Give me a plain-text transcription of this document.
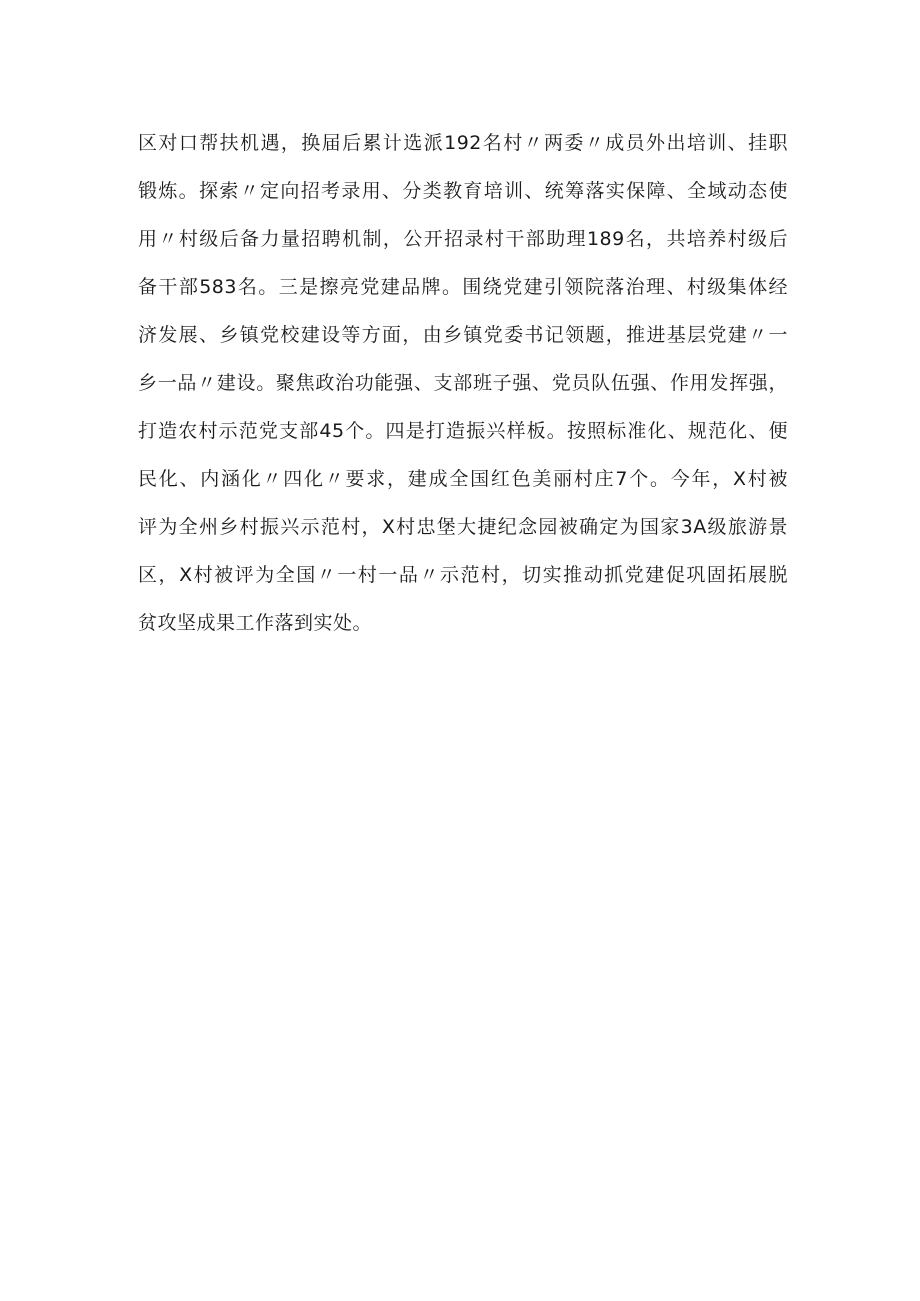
区对口帮扶机遇，换届后累计选派192名村〃两委〃成员外出培训、挂职
锻炼。探索〃定向招考录用、分类教育培训、统筹落实保障、全域动态使
用〃村级后备力量招聘机制，公开招录村干部助理189名，共培养村级后
备干部583名。三是擦亮党建品牌。围绕党建引领院落治理、村级集体经
济发展、乡镇党校建设等方面，由乡镇党委书记领题，推进基层党建〃一
乡一品〃建设。聚焦政治功能强、支部班子强、党员队伍强、作用发挥强，
打造农村示范党支部45个。四是打造振兴样板。按照标准化、规范化、便
民化、内涵化〃四化〃要求，建成全国红色美丽村庄7个。今年，X村被
评为全州乡村振兴示范村，X村忠堡大捷纪念园被确定为国家3A级旅游景
区，X村被评为全国〃一村一品〃示范村，切实推动抓党建促巩固拓展脱
贫攻坚成果工作落到实处。
